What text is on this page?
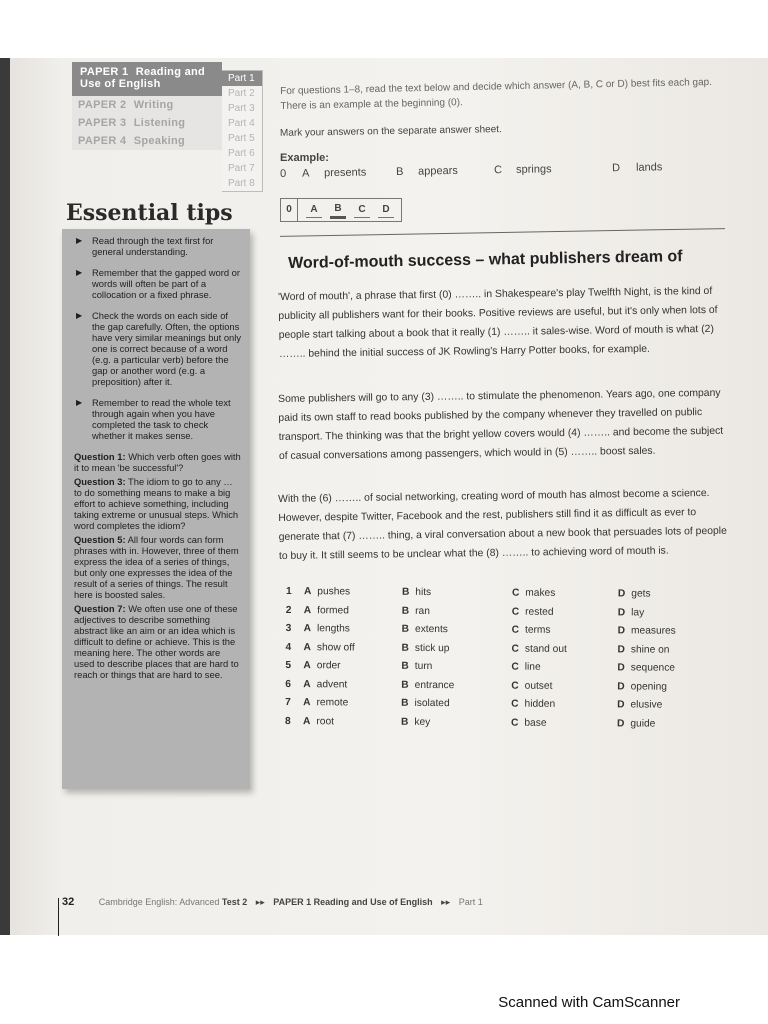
PAPER 1 Reading and Use of English
PAPER 2 Writing
PAPER 3 Listening
PAPER 4 Speaking
Part 1
Part 2
Part 3
Part 4
Part 5
Part 6
Part 7
Part 8
For questions 1–8, read the text below and decide which answer (A, B, C or D) best fits each gap. There is an example at the beginning (0).
Mark your answers on the separate answer sheet.
Example:
0 A presents	B appears	C springs	D lands
0	A	B	C	D
Essential tips
▶ Read through the text first for general understanding.
▶ Remember that the gapped word or words will often be part of a collocation or a fixed phrase.
▶ Check the words on each side of the gap carefully. Often, the options have very similar meanings but only one is correct because of a word (e.g. a particular verb) before the gap or another word (e.g. a preposition) after it.
▶ Remember to read the whole text through again when you have completed the task to check whether it makes sense.
Question 1: Which verb often goes with it to mean 'be successful'?
Question 3: The idiom to go to any … to do something means to make a big effort to achieve something, including taking extreme or unusual steps. Which word completes the idiom?
Question 5: All four words can form phrases with in. However, three of them express the idea of a series of things, but only one expresses the idea of the result of a series of things. The result here is boosted sales.
Question 7: We often use one of these adjectives to describe something abstract like an aim or an idea which is difficult to define or achieve. This is the meaning here. The other words are used to describe places that are hard to reach or things that are hard to see.
Word-of-mouth success – what publishers dream of
'Word of mouth', a phrase that first (0) …….. in Shakespeare's play Twelfth Night, is the kind of publicity all publishers want for their books. Positive reviews are useful, but it's only when lots of people start talking about a book that it really (1) …….. it sales-wise. Word of mouth is what (2) …….. behind the initial success of JK Rowling's Harry Potter books, for example.
Some publishers will go to any (3) …….. to stimulate the phenomenon. Years ago, one company paid its own staff to read books published by the company whenever they travelled on public transport. The thinking was that the bright yellow covers would (4) …….. and become the subject of casual conversations among passengers, which would in (5) …….. boost sales.
With the (6) …….. of social networking, creating word of mouth has almost become a science. However, despite Twitter, Facebook and the rest, publishers still find it as difficult as ever to generate that (7) …….. thing, a viral conversation about a new book that persuades lots of people to buy it. It still seems to be unclear what the (8) …….. to achieving word of mouth is.
1 A pushes	B hits	C makes	D gets
2 A formed	B ran	C rested	D lay
3 A lengths	B extents	C terms	D measures
4 A show off	B stick up	C stand out	D shine on
5 A order	B turn	C line	D sequence
6 A advent	B entrance	C outset	D opening
7 A remote	B isolated	C hidden	D elusive
8 A root	B key	C base	D guide
32	Cambridge English: Advanced Test 2 ▸▸ PAPER 1 Reading and Use of English ▸▸ Part 1
Scanned with CamScanner
